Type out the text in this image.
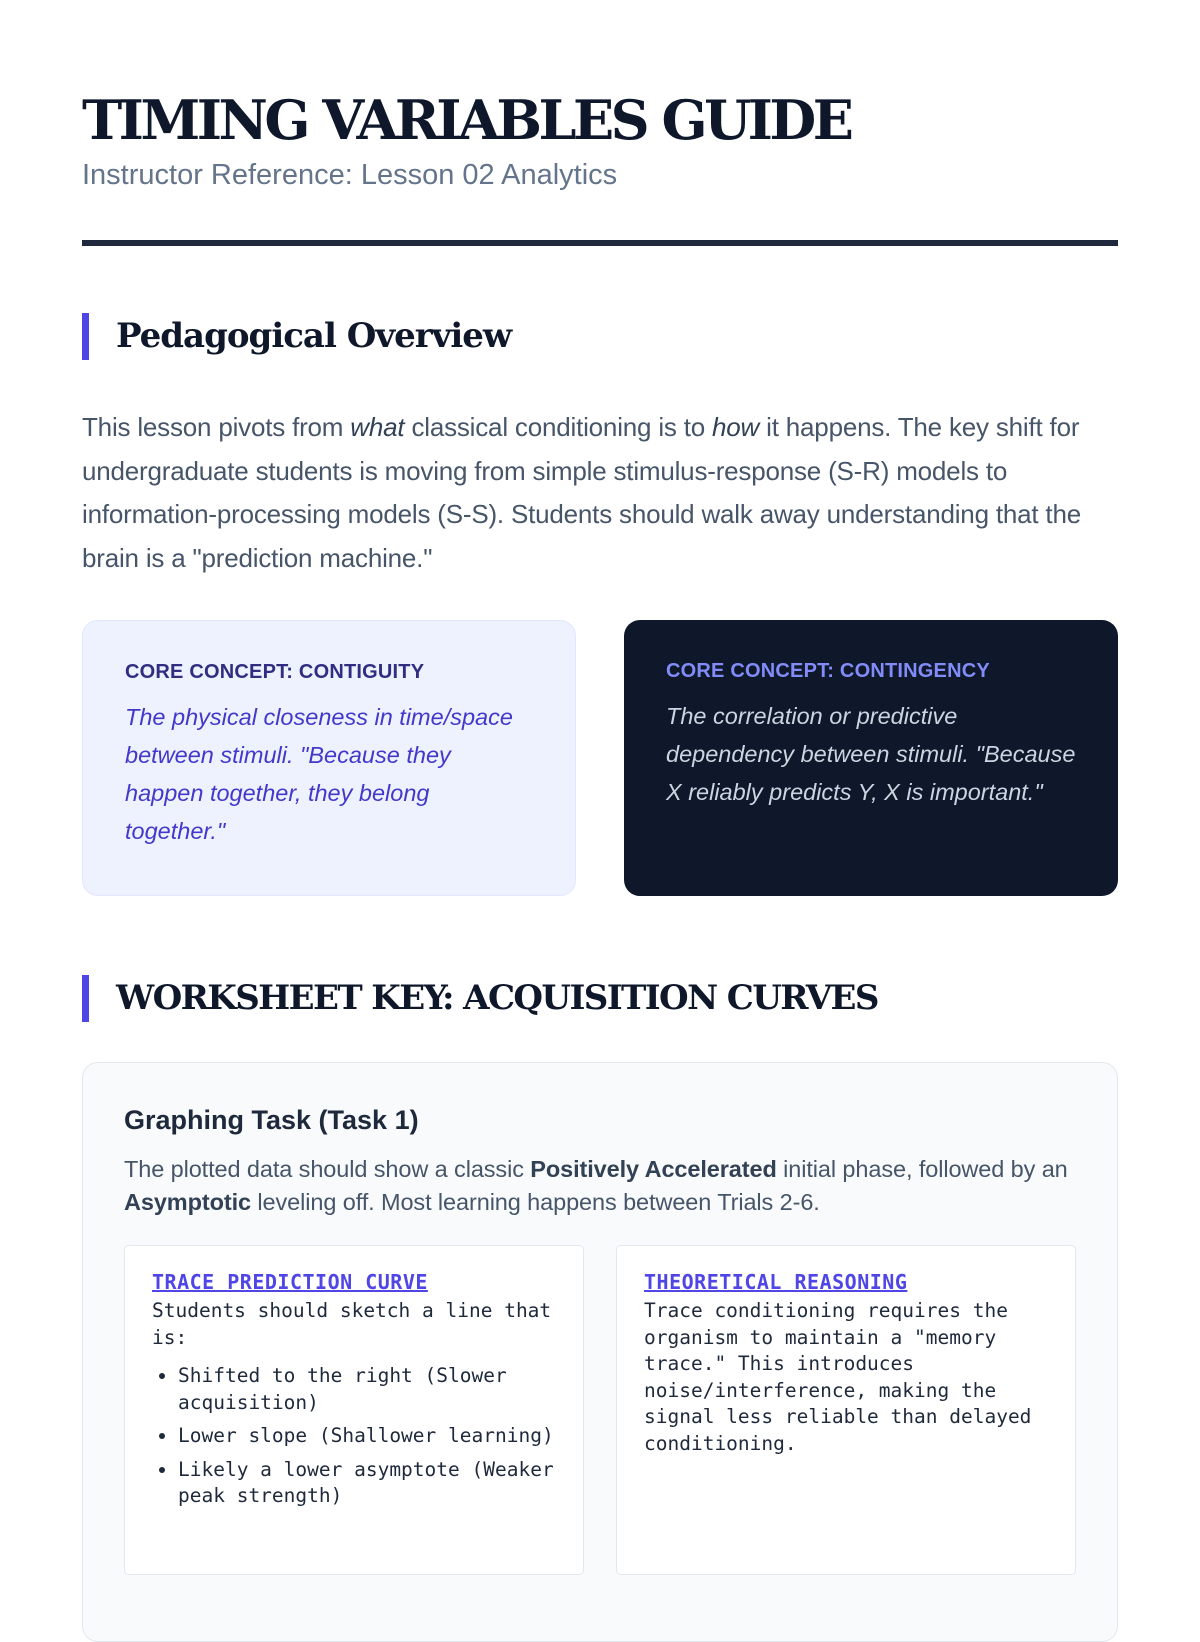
TIMING VARIABLES GUIDE
Instructor Reference: Lesson 02 Analytics
Pedagogical Overview

This lesson pivots from what classical conditioning is to how it happens. The key shift for undergraduate students is moving from simple stimulus-response (S-R) models to information-processing models (S-S). Students should walk away understanding that the brain is a "prediction machine."

CORE CONCEPT: CONTIGUITY
The physical closeness in time/space between stimuli. "Because they happen together, they belong together."
CORE CONCEPT: CONTINGENCY
The correlation or predictive dependency between stimuli. "Because X reliably predicts Y, X is important."
WORKSHEET KEY: ACQUISITION CURVES
Graphing Task (Task 1)
The plotted data should show a classic Positively Accelerated initial phase, followed by an Asymptotic leveling off. Most learning happens between Trials 2-6.
TRACE PREDICTION CURVE
Students should sketch a line that is:
• Shifted to the right (Slower acquisition)
• Lower slope (Shallower learning)
• Likely a lower asymptote (Weaker peak strength)
THEORETICAL REASONING
Trace conditioning requires the organism to maintain a "memory trace." This introduces noise/interference, making the signal less reliable than delayed conditioning.
